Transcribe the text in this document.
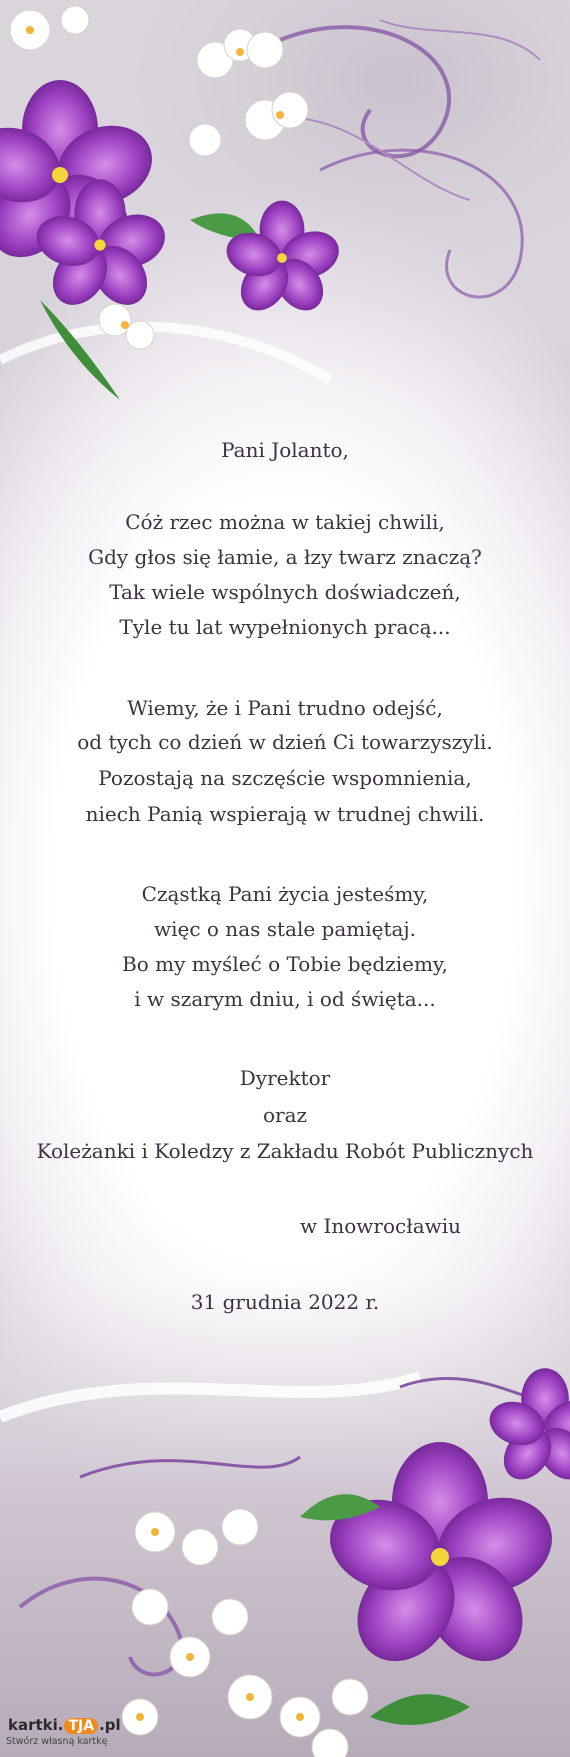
Pani Jolanto,
Cóż rzec można w takiej chwili,
Gdy głos się łamie, a łzy twarz znaczą?
Tak wiele wspólnych doświadczeń,
Tyle tu lat wypełnionych pracą...
Wiemy, że i Pani trudno odejść,
od tych co dzień w dzień Ci towarzyszyli.
Pozostają na szczęście wspomnienia,
niech Panią wspierają w trudnej chwili.
Cząstką Pani życia jesteśmy,
więc o nas stale pamiętaj.
Bo my myśleć o Tobie będziemy,
i w szarym dniu, i od święta...
Dyrektor
oraz
Koleżanki i Koledzy z Zakładu Robót Publicznych
w Inowrocławiu
31 grudnia 2022 r.
kartki. TJA .pl
Stwórz własną kartkę
